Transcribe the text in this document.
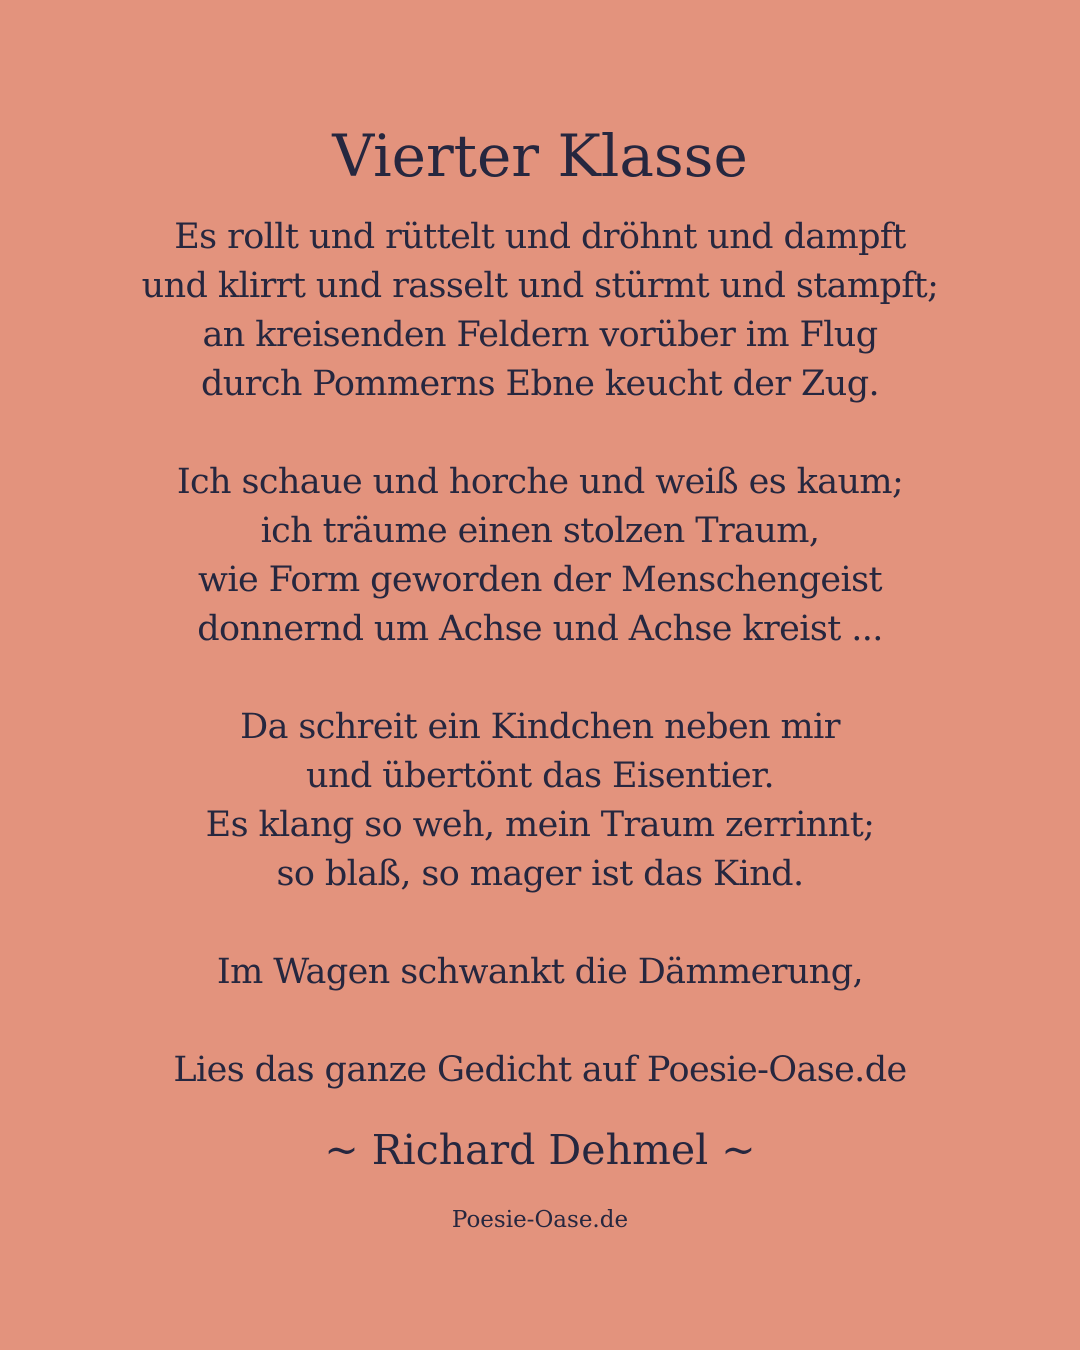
Vierter Klasse
Es rollt und rüttelt und dröhnt und dampft
und klirrt und rasselt und stürmt und stampft;
an kreisenden Feldern vorüber im Flug
durch Pommerns Ebne keucht der Zug.
Ich schaue und horche und weiß es kaum;
ich träume einen stolzen Traum,
wie Form geworden der Menschengeist
donnernd um Achse und Achse kreist ...
Da schreit ein Kindchen neben mir
und übertönt das Eisentier.
Es klang so weh, mein Traum zerrinnt;
so blaß, so mager ist das Kind.
Im Wagen schwankt die Dämmerung,
Lies das ganze Gedicht auf Poesie-Oase.de
~ Richard Dehmel ~
Poesie-Oase.de
